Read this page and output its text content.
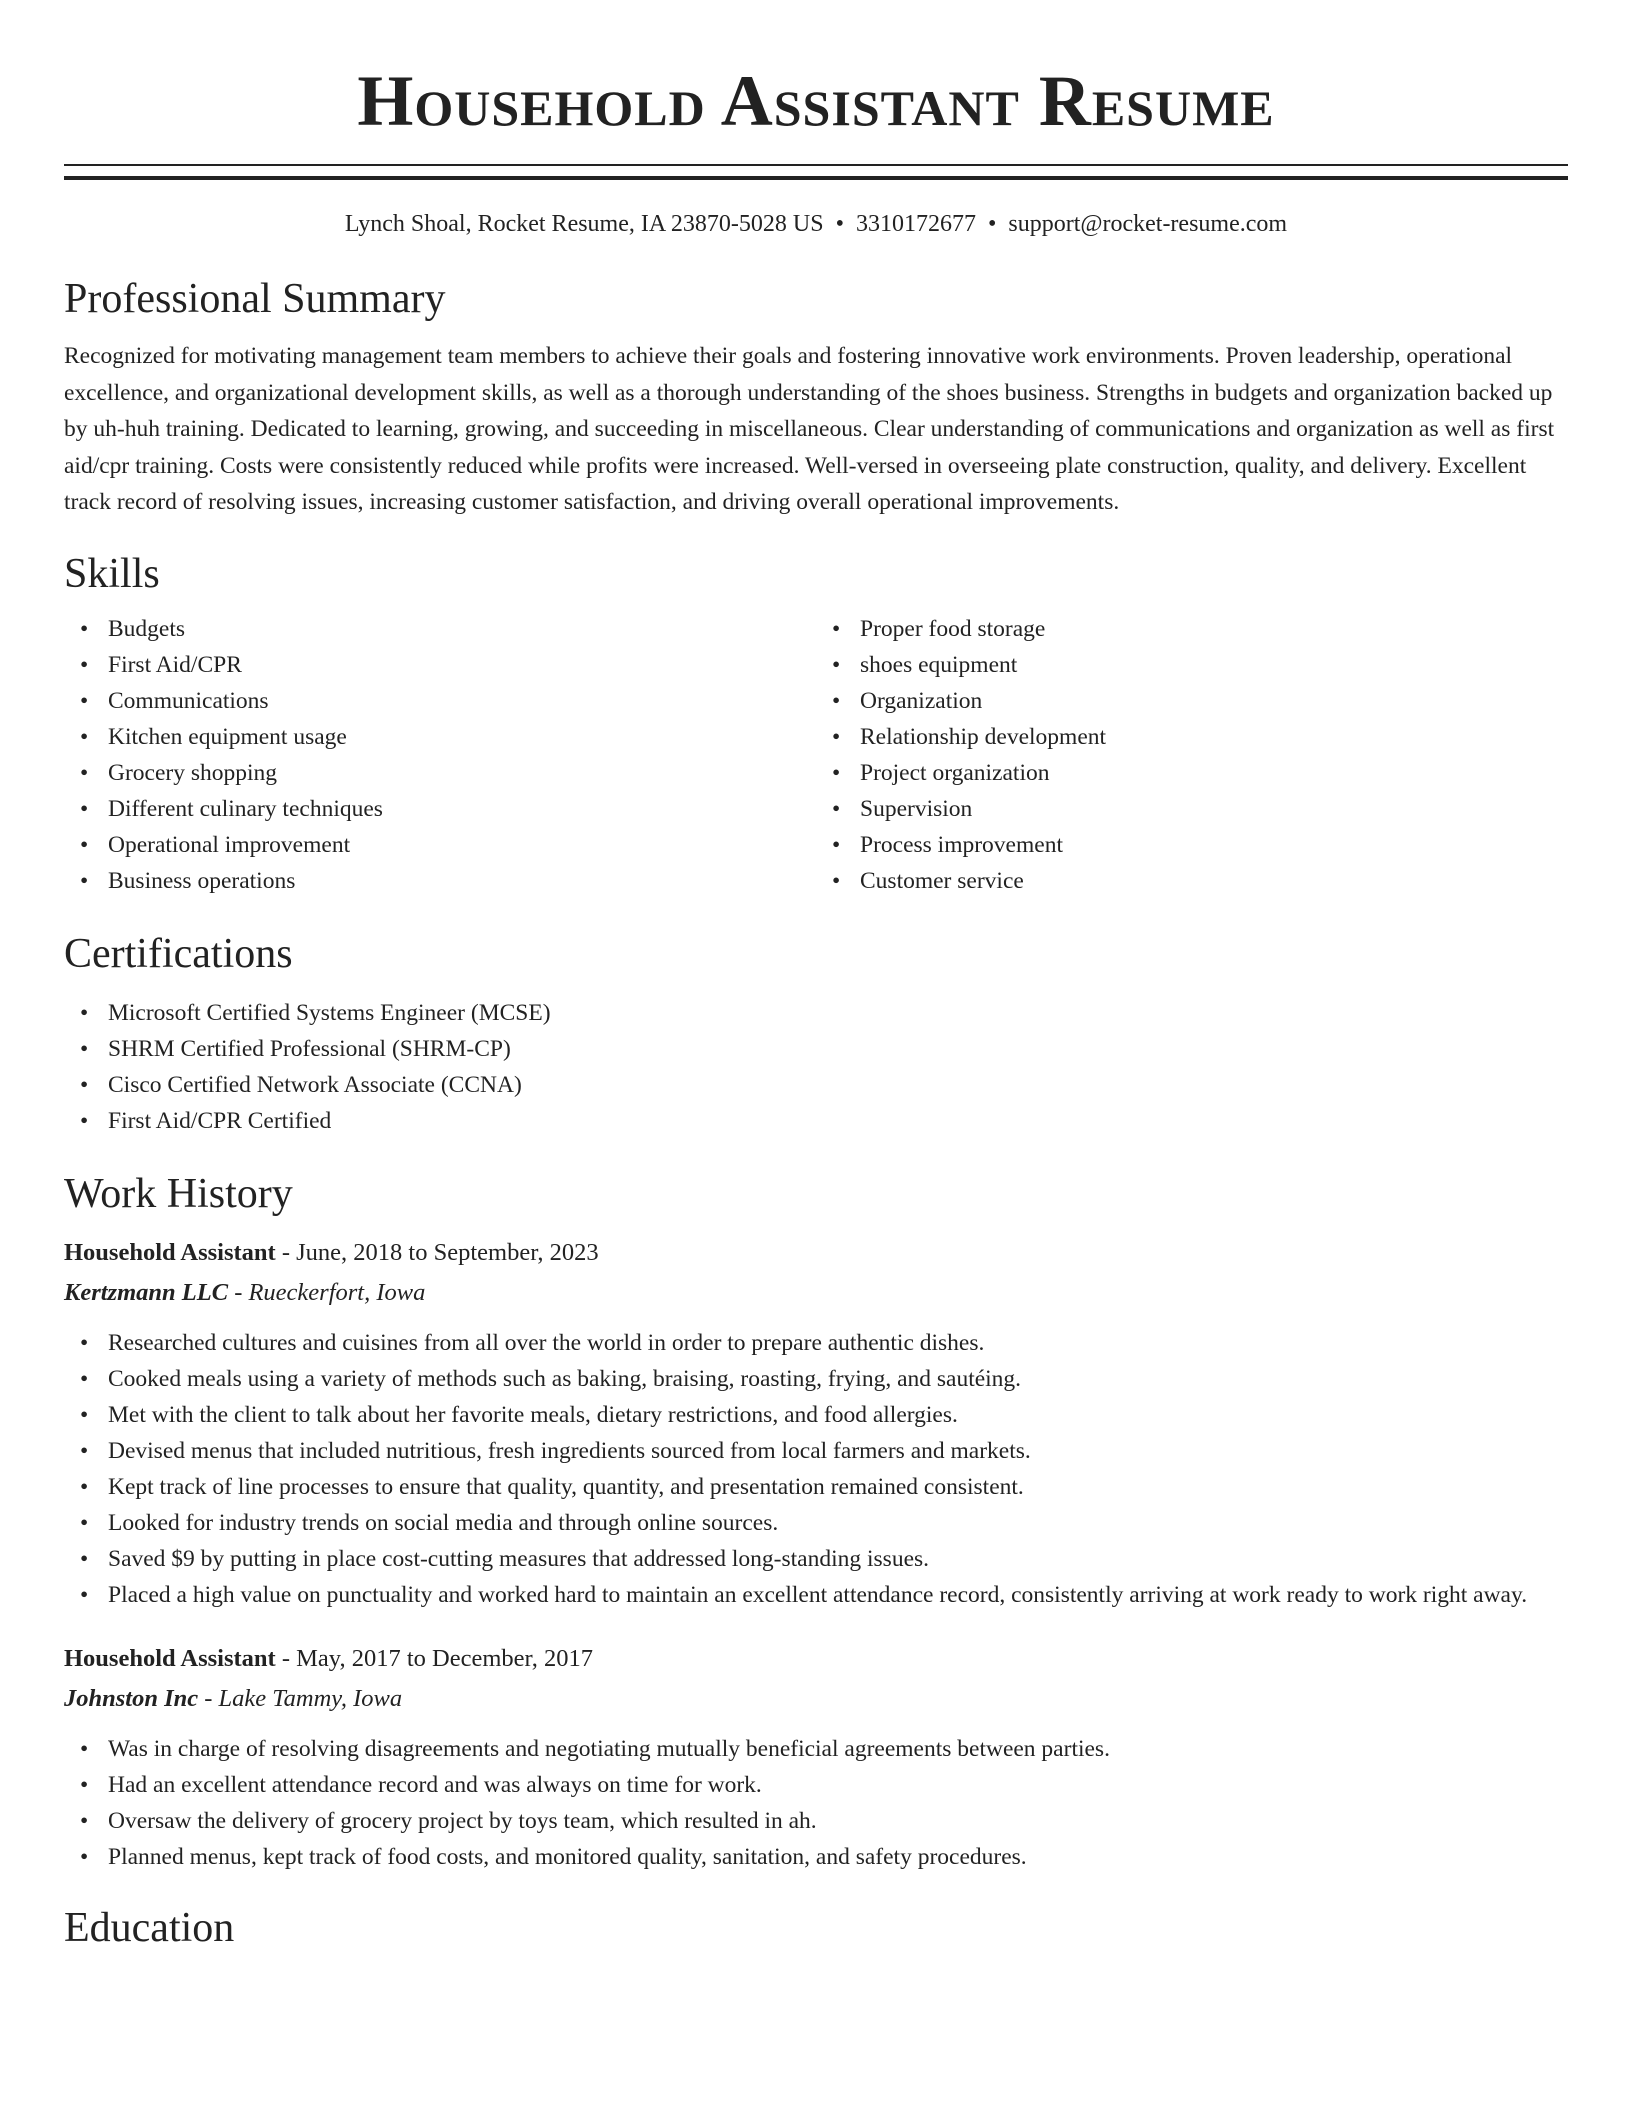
Household Assistant Resume
Lynch Shoal, Rocket Resume, IA 23870-5028 US • 3310172677 • support@rocket-resume.com
Professional Summary

Recognized for motivating management team members to achieve their goals and fostering innovative work environments. Proven leadership, operational excellence, and organizational development skills, as well as a thorough understanding of the shoes business. Strengths in budgets and organization backed up by uh-huh training. Dedicated to learning, growing, and succeeding in miscellaneous. Clear understanding of communications and organization as well as first aid/cpr training. Costs were consistently reduced while profits were increased. Well-versed in overseeing plate construction, quality, and delivery. Excellent track record of resolving issues, increasing customer satisfaction, and driving overall operational improvements.

Skills
• Budgets
• First Aid/CPR
• Communications
• Kitchen equipment usage
• Grocery shopping
• Different culinary techniques
• Operational improvement
• Business operations
• Proper food storage
• shoes equipment
• Organization
• Relationship development
• Project organization
• Supervision
• Process improvement
• Customer service
Certifications
• Microsoft Certified Systems Engineer (MCSE)
• SHRM Certified Professional (SHRM-CP)
• Cisco Certified Network Associate (CCNA)
• First Aid/CPR Certified
Work History
Household Assistant - June, 2018 to September, 2023
Kertzmann LLC - Rueckerfort, Iowa
• Researched cultures and cuisines from all over the world in order to prepare authentic dishes.
• Cooked meals using a variety of methods such as baking, braising, roasting, frying, and sautéing.
• Met with the client to talk about her favorite meals, dietary restrictions, and food allergies.
• Devised menus that included nutritious, fresh ingredients sourced from local farmers and markets.
• Kept track of line processes to ensure that quality, quantity, and presentation remained consistent.
• Looked for industry trends on social media and through online sources.
• Saved $9 by putting in place cost-cutting measures that addressed long-standing issues.
• Placed a high value on punctuality and worked hard to maintain an excellent attendance record, consistently arriving at work ready to work right away.
Household Assistant - May, 2017 to December, 2017
Johnston Inc - Lake Tammy, Iowa
• Was in charge of resolving disagreements and negotiating mutually beneficial agreements between parties.
• Had an excellent attendance record and was always on time for work.
• Oversaw the delivery of grocery project by toys team, which resulted in ah.
• Planned menus, kept track of food costs, and monitored quality, sanitation, and safety procedures.
Education
